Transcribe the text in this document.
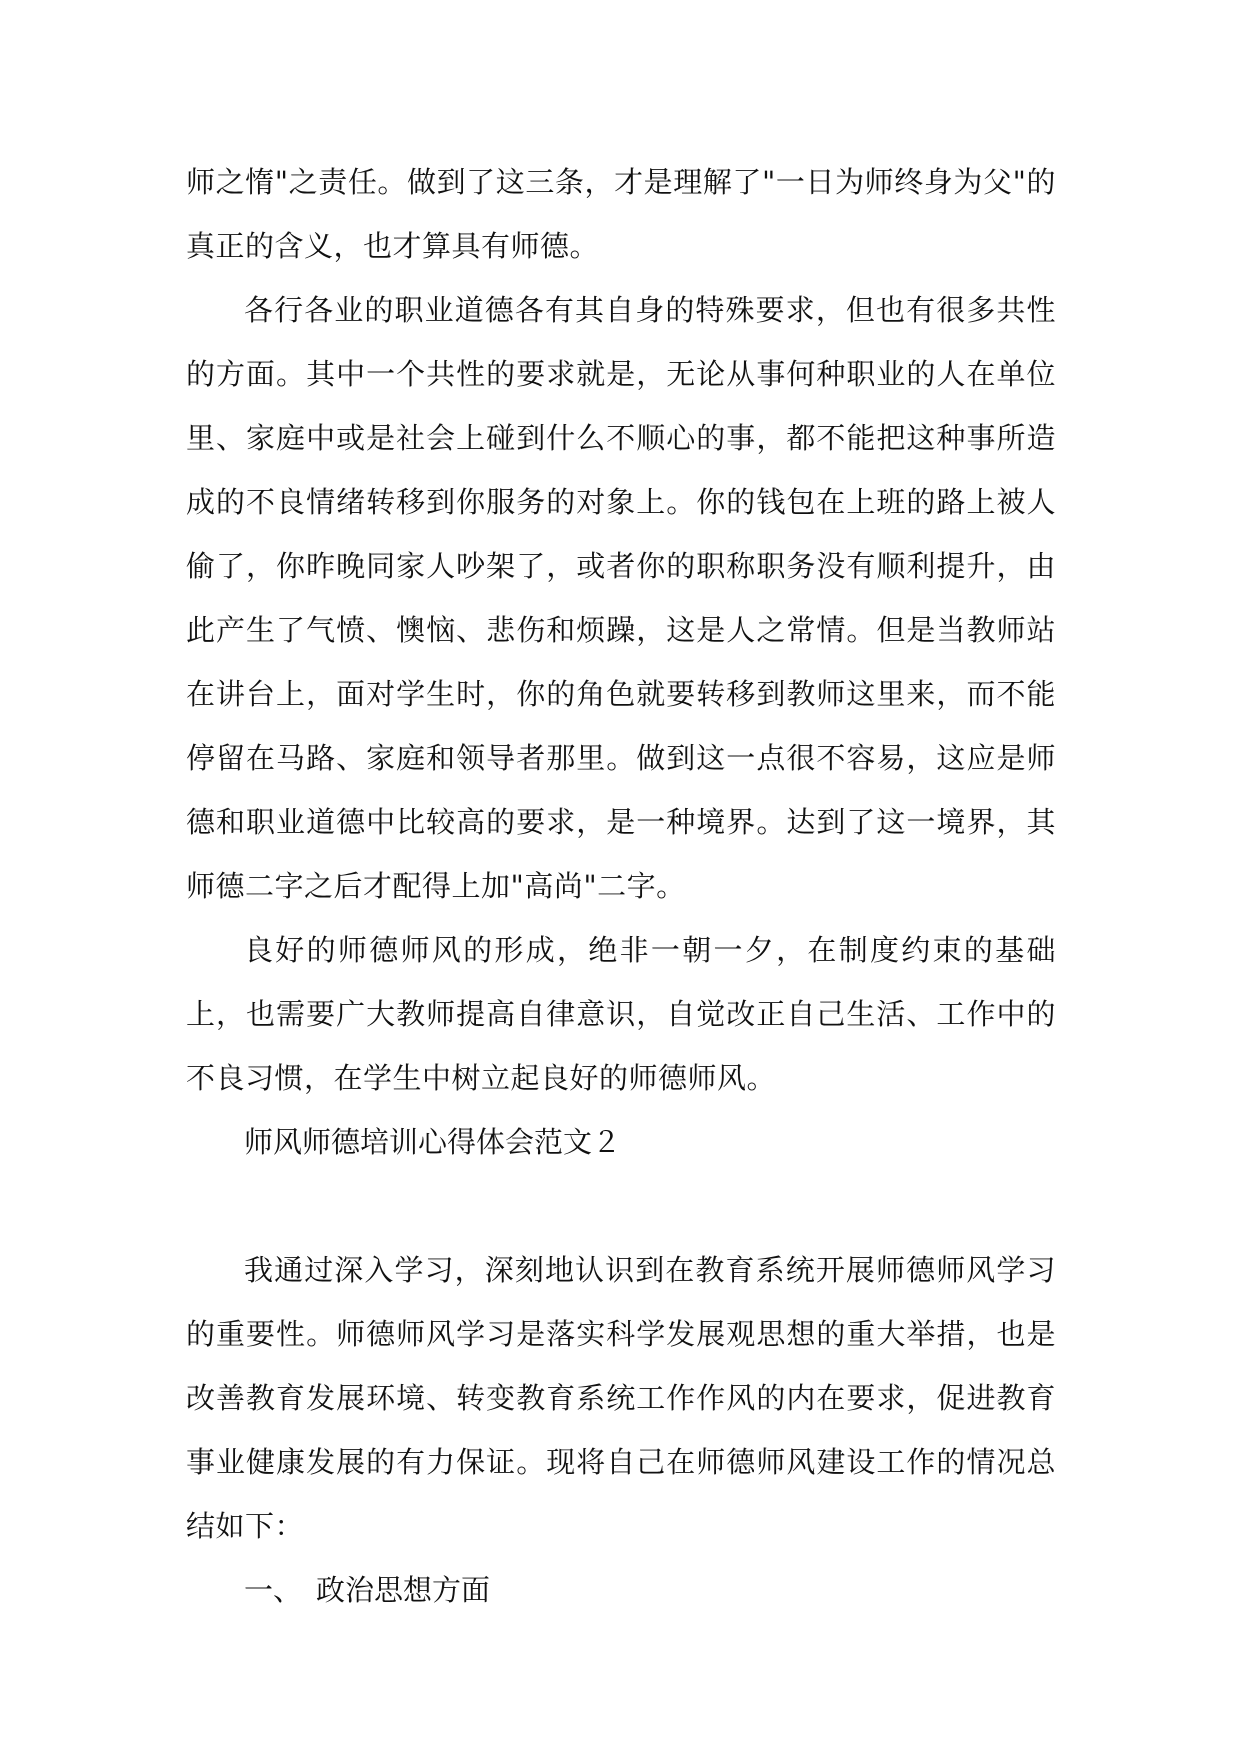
师之惰"之责任。做到了这三条，才是理解了"一日为师终身为父"的真正的含义，也才算具有师德。

各行各业的职业道德各有其自身的特殊要求，但也有很多共性的方面。其中一个共性的要求就是，无论从事何种职业的人在单位里、家庭中或是社会上碰到什么不顺心的事，都不能把这种事所造成的不良情绪转移到你服务的对象上。你的钱包在上班的路上被人偷了，你昨晚同家人吵架了，或者你的职称职务没有顺利提升，由此产生了气愤、懊恼、悲伤和烦躁，这是人之常情。但是当教师站在讲台上，面对学生时，你的角色就要转移到教师这里来，而不能停留在马路、家庭和领导者那里。做到这一点很不容易，这应是师德和职业道德中比较高的要求，是一种境界。达到了这一境界，其师德二字之后才配得上加"高尚"二字。

良好的师德师风的形成，绝非一朝一夕，在制度约束的基础上，也需要广大教师提高自律意识，自觉改正自己生活、工作中的不良习惯，在学生中树立起良好的师德师风。

师风师德培训心得体会范文２

我通过深入学习，深刻地认识到在教育系统开展师德师风学习的重要性。师德师风学习是落实科学发展观思想的重大举措，也是改善教育发展环境、转变教育系统工作作风的内在要求，促进教育事业健康发展的有力保证。现将自己在师德师风建设工作的情况总结如下：

一、 政治思想方面
